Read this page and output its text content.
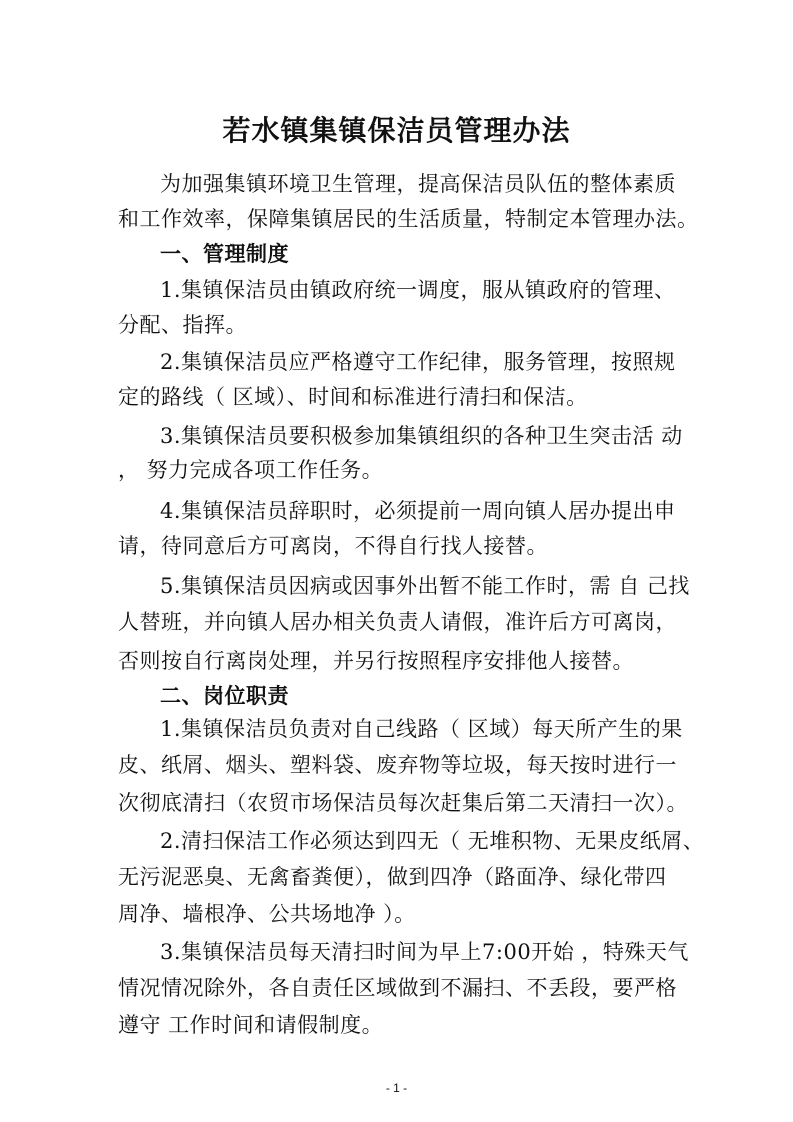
若水镇集镇保洁员管理办法
为加强集镇环境卫生管理，提高保洁员队伍的整体素质
和工作效率，保障集镇居民的生活质量，特制定本管理办法。
一、管理制度
1.集镇保洁员由镇政府统一调度，服从镇政府的管理、
分配、指挥。
2.集镇保洁员应严格遵守工作纪律，服务管理，按照规
定的路线（ 区域）、时间和标准进行清扫和保洁。
3.集镇保洁员要积极参加集镇组织的各种卫生突击活 动
， 努力完成各项工作任务。
4.集镇保洁员辞职时，必须提前一周向镇人居办提出申
请，待同意后方可离岗，不得自行找人接替。
5.集镇保洁员因病或因事外出暂不能工作时，需 自 己找
人替班，并向镇人居办相关负责人请假，准许后方可离岗，
否则按自行离岗处理，并另行按照程序安排他人接替。
二、岗位职责
1.集镇保洁员负责对自己线路（ 区域）每天所产生的果
皮、纸屑、烟头、塑料袋、废弃物等垃圾，每天按时进行一
次彻底清扫（农贸市场保洁员每次赶集后第二天清扫一次）。
2.清扫保洁工作必须达到四无（ 无堆积物、无果皮纸屑、
无污泥恶臭、无禽畜粪便），做到四净（路面净、绿化带四
周净、墙根净、公共场地净 ）。
3.集镇保洁员每天清扫时间为早上7:00开始 ，特殊天气
情况情况除外，各自责任区域做到不漏扫、不丢段，要严格
遵守 工作时间和请假制度。
- 1 -
